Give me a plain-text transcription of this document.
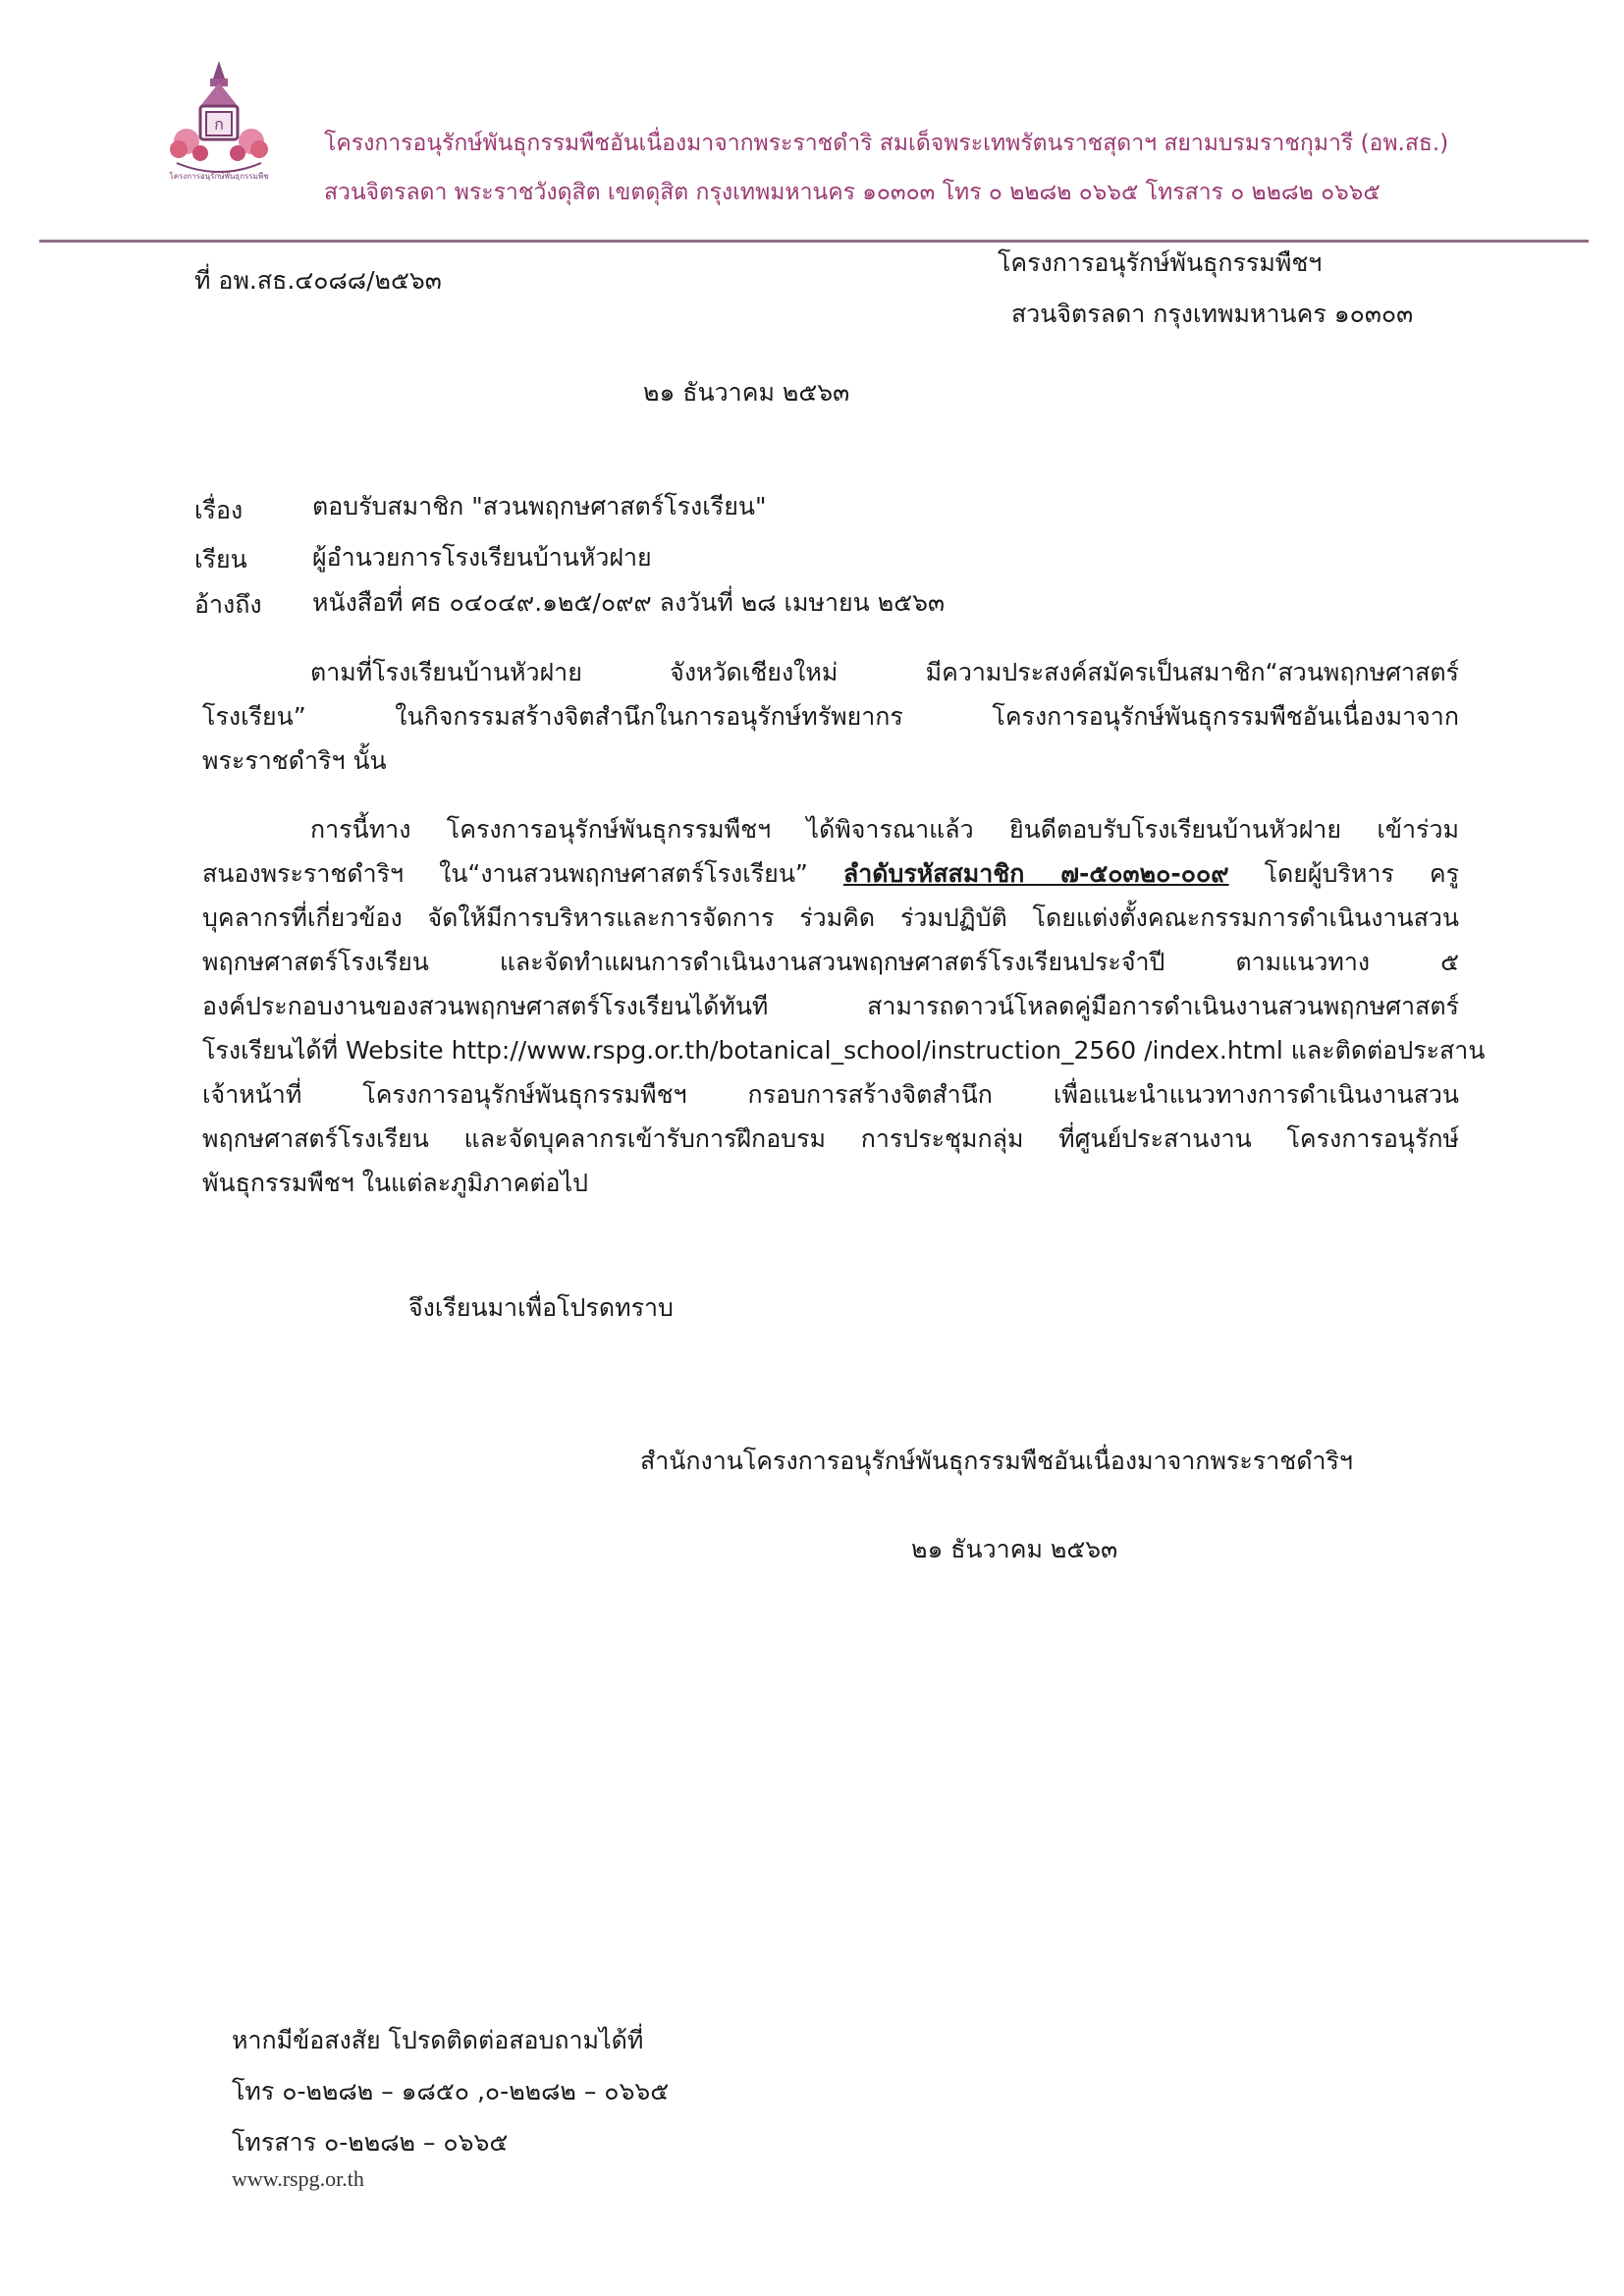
ก
โครงการอนุรักษ์พันธุกรรมพืช
โครงการอนุรักษ์พันธุกรรมพืชอันเนื่องมาจากพระราชดำริ สมเด็จพระเทพรัตนราชสุดาฯ สยามบรมราชกุมารี (อพ.สธ.)
สวนจิตรลดา พระราชวังดุสิต เขตดุสิต กรุงเทพมหานคร ๑๐๓๐๓ โทร ๐ ๒๒๘๒ ๐๖๖๕ โทรสาร ๐ ๒๒๘๒ ๐๖๖๕
ที่ อพ.สธ.๔๐๘๘/๒๕๖๓
โครงการอนุรักษ์พันธุกรรมพืชฯ
สวนจิตรลดา กรุงเทพมหานคร ๑๐๓๐๓
๒๑ ธันวาคม ๒๕๖๓
เรื่อง	ตอบรับสมาชิก "สวนพฤกษศาสตร์โรงเรียน"
เรียน	ผู้อำนวยการโรงเรียนบ้านหัวฝาย
อ้างถึง	หนังสือที่ ศธ ๐๔๐๔๙.๑๒๕/๐๙๙ ลงวันที่ ๒๘ เมษายน ๒๕๖๓
ตามที่โรงเรียนบ้านหัวฝาย จังหวัดเชียงใหม่ มีความประสงค์สมัครเป็นสมาชิก“สวนพฤกษศาสตร์
โรงเรียน” ในกิจกรรมสร้างจิตสำนึกในการอนุรักษ์ทรัพยากร โครงการอนุรักษ์พันธุกรรมพืชอันเนื่องมาจาก
พระราชดำริฯ นั้น
การนี้ทาง โครงการอนุรักษ์พันธุกรรมพืชฯ ได้พิจารณาแล้ว ยินดีตอบรับโรงเรียนบ้านหัวฝาย เข้าร่วม
สนองพระราชดำริฯ ใน“งานสวนพฤกษศาสตร์โรงเรียน” ลำดับรหัสสมาชิก ๗-๕๐๓๒๐-๐๐๙ โดยผู้บริหาร ครู
บุคลากรที่เกี่ยวข้อง จัดให้มีการบริหารและการจัดการ ร่วมคิด ร่วมปฏิบัติ โดยแต่งตั้งคณะกรรมการดำเนินงานสวน
พฤกษศาสตร์โรงเรียน และจัดทำแผนการดำเนินงานสวนพฤกษศาสตร์โรงเรียนประจำปี ตามแนวทาง ๕
องค์ประกอบงานของสวนพฤกษศาสตร์โรงเรียนได้ทันที สามารถดาวน์โหลดคู่มือการดำเนินงานสวนพฤกษศาสตร์
โรงเรียนได้ที่ Website http://www.rspg.or.th/botanical_school/instruction_2560 /index.html และติดต่อประสาน
เจ้าหน้าที่ โครงการอนุรักษ์พันธุกรรมพืชฯ กรอบการสร้างจิตสำนึก เพื่อแนะนำแนวทางการดำเนินงานสวน
พฤกษศาสตร์โรงเรียน และจัดบุคลากรเข้ารับการฝึกอบรม การประชุมกลุ่ม ที่ศูนย์ประสานงาน โครงการอนุรักษ์
พันธุกรรมพืชฯ ในแต่ละภูมิภาคต่อไป
จึงเรียนมาเพื่อโปรดทราบ
สำนักงานโครงการอนุรักษ์พันธุกรรมพืชอันเนื่องมาจากพระราชดำริฯ
๒๑ ธันวาคม ๒๕๖๓
หากมีข้อสงสัย โปรดติดต่อสอบถามได้ที่
โทร ๐-๒๒๘๒ – ๑๘๕๐ ,๐-๒๒๘๒ – ๐๖๖๕
โทรสาร ๐-๒๒๘๒ – ๐๖๖๕
www.rspg.or.th
